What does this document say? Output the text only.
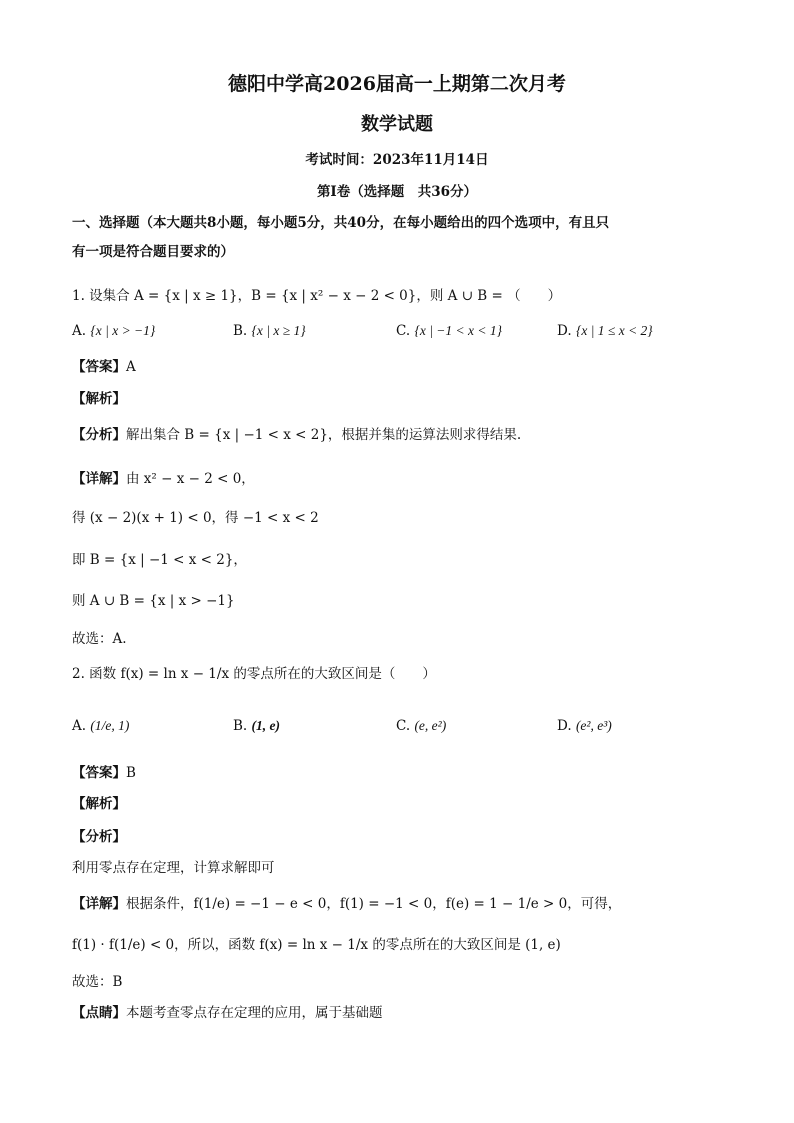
德阳中学高2026届高一上期第二次月考
数学试题
考试时间：2023年11月14日
第I卷（选择题　共36分）
一、选择题（本大题共8小题，每小题5分，共40分，在每小题给出的四个选项中，有且只
有一项是符合题目要求的）
1. 设集合 A = {x | x ≥ 1}，B = {x | x² − x − 2 < 0}，则 A ∪ B = （　　）
A. {x | x > −1}	B. {x | x ≥ 1}	C. {x | −1 < x < 1}	D. {x | 1 ≤ x < 2}
【答案】A
【解析】
【分析】解出集合 B = {x | −1 < x < 2}，根据并集的运算法则求得结果.
【详解】由 x² − x − 2 < 0，
得 (x − 2)(x + 1) < 0，得 −1 < x < 2
即 B = {x | −1 < x < 2}，
则 A ∪ B = {x | x > −1}
故选：A.
2. 函数 f(x) = ln x − 1/x 的零点所在的大致区间是（　　）
A. (1/e, 1)	B. (1, e)	C. (e, e²)	D. (e², e³)
【答案】B
【解析】
【分析】
利用零点存在定理，计算求解即可
【详解】根据条件，f(1/e) = −1 − e < 0，f(1) = −1 < 0，f(e) = 1 − 1/e > 0，可得，
f(1) · f(1/e) < 0，所以，函数 f(x) = ln x − 1/x 的零点所在的大致区间是 (1, e)
故选：B
【点睛】本题考查零点存在定理的应用，属于基础题
